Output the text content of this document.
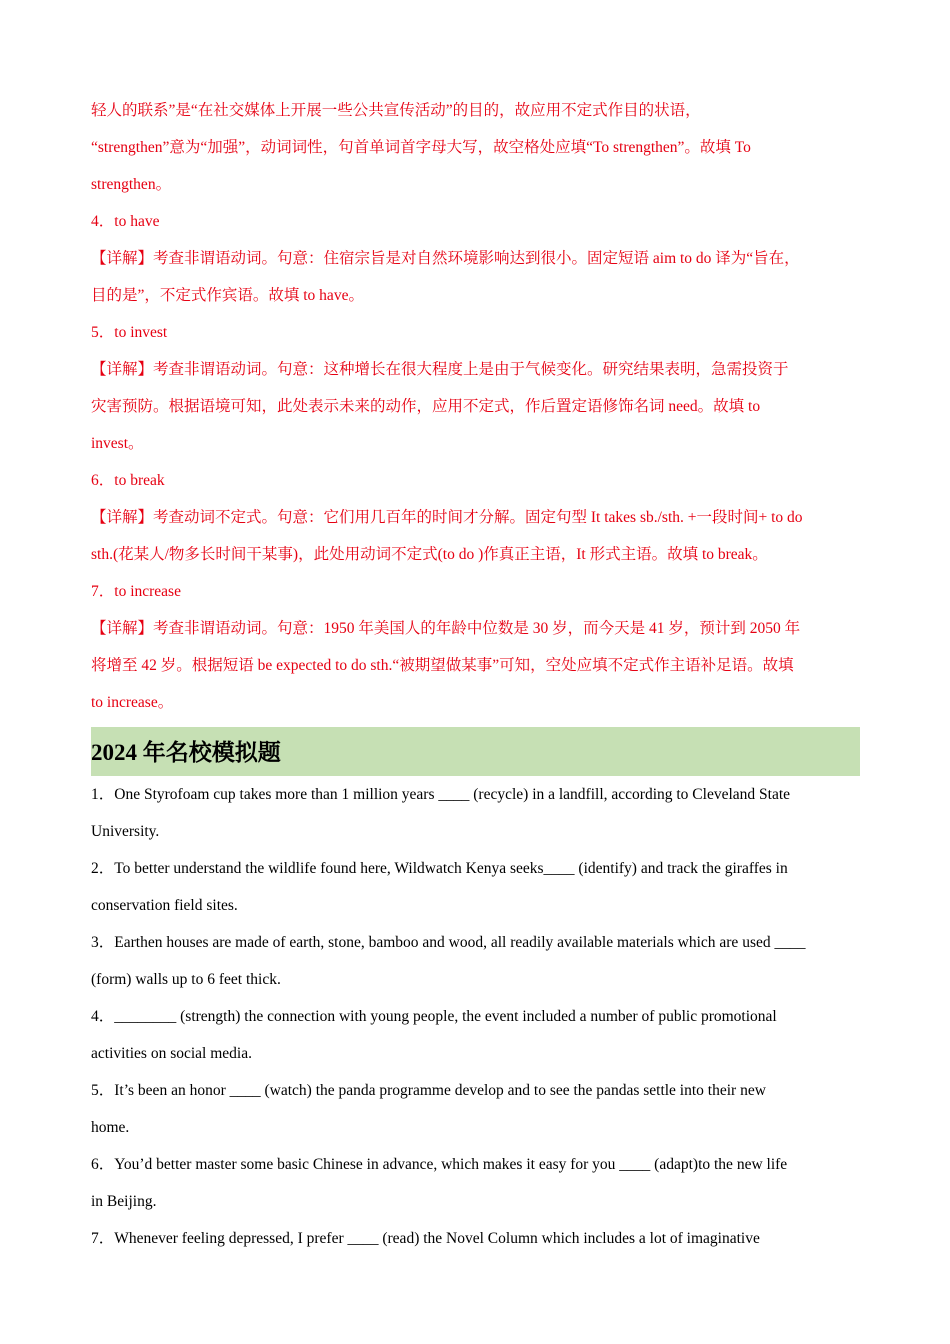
轻人的联系”是“在社交媒体上开展一些公共宣传活动”的目的，故应用不定式作目的状语，

“strengthen”意为“加强”，动词词性，句首单词首字母大写，故空格处应填“To strengthen”。故填 To

strengthen。

4．to have

【详解】考查非谓语动词。句意：住宿宗旨是对自然环境影响达到很小。固定短语 aim to do 译为“旨在，

目的是”，不定式作宾语。故填 to have。

5．to invest

【详解】考查非谓语动词。句意：这种增长在很大程度上是由于气候变化。研究结果表明，急需投资于

灾害预防。根据语境可知，此处表示未来的动作，应用不定式，作后置定语修饰名词 need。故填 to

invest。

6．to break

【详解】考查动词不定式。句意：它们用几百年的时间才分解。固定句型 It takes sb./sth. +一段时间+ to do

sth.(花某人/物多长时间干某事)，此处用动词不定式(to do )作真正主语，It 形式主语。故填 to break。

7．to increase

【详解】考查非谓语动词。句意：1950 年美国人的年龄中位数是 30 岁，而今天是 41 岁，预计到 2050 年

将增至 42 岁。根据短语 be expected to do sth.“被期望做某事”可知，空处应填不定式作主语补足语。故填

to increase。

2024 年名校模拟题

1．One Styrofoam cup takes more than 1 million years ____ (recycle) in a landfill, according to Cleveland State

University.

2．To better understand the wildlife found here, Wildwatch Kenya seeks____ (identify) and track the giraffes in

conservation field sites.

3．Earthen houses are made of earth, stone, bamboo and wood, all readily available materials which are used ____

(form) walls up to 6 feet thick.

4．________ (strength) the connection with young people, the event included a number of public promotional

activities on social media.

5．It’s been an honor ____ (watch) the panda programme develop and to see the pandas settle into their new

home.

6．You’d better master some basic Chinese in advance, which makes it easy for you ____ (adapt)to the new life

in Beijing.

7．Whenever feeling depressed, I prefer ____ (read) the Novel Column which includes a lot of imaginative
